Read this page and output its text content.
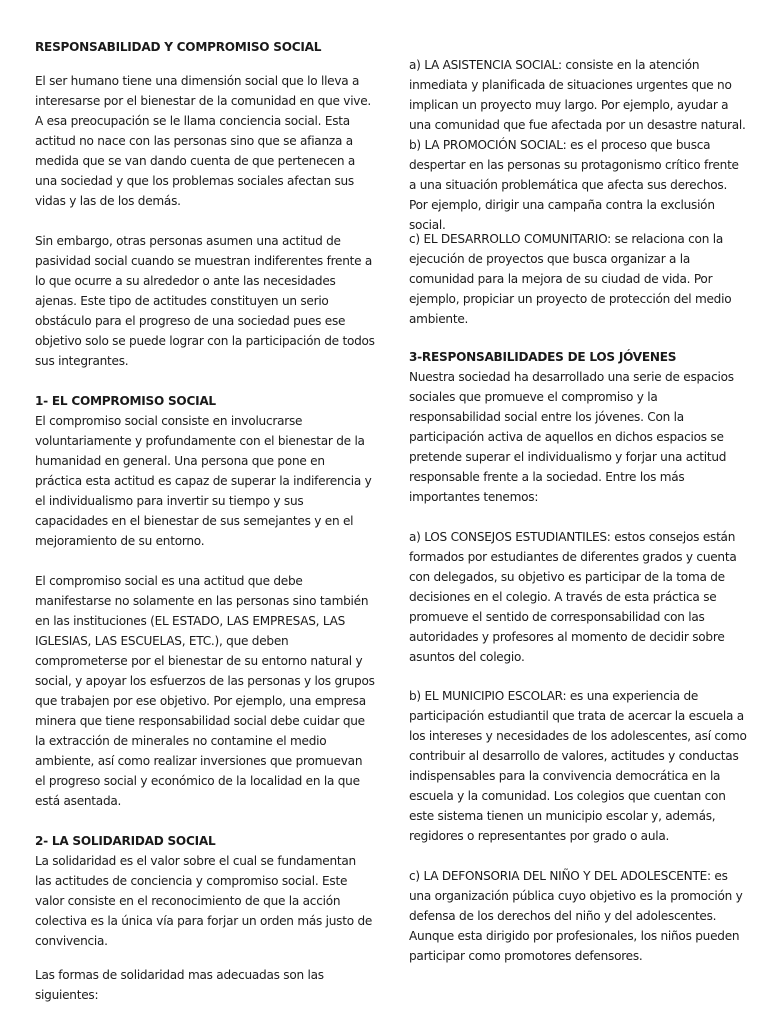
RESPONSABILIDAD Y COMPROMISO SOCIAL

El ser humano tiene una dimensión social que lo lleva a interesarse por el bienestar de la comunidad en que vive. A esa preocupación se le llama conciencia social. Esta actitud no nace con las personas sino que se afianza a medida que se van dando cuenta de que pertenecen a una sociedad y que los problemas sociales afectan sus vidas y las de los demás.

Sin embargo, otras personas asumen una actitud de pasividad social cuando se muestran indiferentes frente a lo que ocurre a su alrededor o ante las necesidades ajenas. Este tipo de actitudes constituyen un serio obstáculo para el progreso de una sociedad pues ese objetivo solo se puede lograr con la participación de todos sus integrantes.

1- EL COMPROMISO SOCIAL

El compromiso social consiste en involucrarse voluntariamente y profundamente con el bienestar de la humanidad en general. Una persona que pone en práctica esta actitud es capaz de superar la indiferencia y el individualismo para invertir su tiempo y sus capacidades en el bienestar de sus semejantes y en el mejoramiento de su entorno.

El compromiso social es una actitud que debe manifestarse no solamente en las personas sino también en las instituciones (EL ESTADO, LAS EMPRESAS, LAS IGLESIAS, LAS ESCUELAS, ETC.), que deben comprometerse por el bienestar de su entorno natural y social, y apoyar los esfuerzos de las personas y los grupos que trabajen por ese objetivo. Por ejemplo, una empresa minera que tiene responsabilidad social debe cuidar que la extracción de minerales no contamine el medio ambiente, así como realizar inversiones que promuevan el progreso social y económico de la localidad en la que está asentada.

2- LA SOLIDARIDAD SOCIAL

La solidaridad es el valor sobre el cual se fundamentan las actitudes de conciencia y compromiso social. Este valor consiste en el reconocimiento de que la acción colectiva es la única vía para forjar un orden más justo de convivencia.

Las formas de solidaridad mas adecuadas son las siguientes:

a) LA ASISTENCIA SOCIAL: consiste en la atención inmediata y planificada de situaciones urgentes que no implican un proyecto muy largo. Por ejemplo, ayudar a una comunidad que fue afectada por un desastre natural.

b) LA PROMOCIÓN SOCIAL: es el proceso que busca despertar en las personas su protagonismo crítico frente a una situación problemática que afecta sus derechos. Por ejemplo, dirigir una campaña contra la exclusión social.

c) EL DESARROLLO COMUNITARIO: se relaciona con la ejecución de proyectos que busca organizar a la comunidad para la mejora de su ciudad de vida. Por ejemplo, propiciar un proyecto de protección del medio ambiente.

3-RESPONSABILIDADES DE LOS JÓVENES

Nuestra sociedad ha desarrollado una serie de espacios sociales que promueve el compromiso y la responsabilidad social entre los jóvenes. Con la participación activa de aquellos en dichos espacios se pretende superar el individualismo y forjar una actitud responsable frente a la sociedad. Entre los más importantes tenemos:

a) LOS CONSEJOS ESTUDIANTILES: estos consejos están formados por estudiantes de diferentes grados y cuenta con delegados, su objetivo es participar de la toma de decisiones en el colegio. A través de esta práctica se promueve el sentido de corresponsabilidad con las autoridades y profesores al momento de decidir sobre asuntos del colegio.

b) EL MUNICIPIO ESCOLAR: es una experiencia de participación estudiantil que trata de acercar la escuela a los intereses y necesidades de los adolescentes, así como contribuir al desarrollo de valores, actitudes y conductas indispensables para la convivencia democrática en la escuela y la comunidad. Los colegios que cuentan con este sistema tienen un municipio escolar y, además, regidores o representantes por grado o aula.

c) LA DEFONSORIA DEL NIÑO Y DEL ADOLESCENTE: es una organización pública cuyo objetivo es la promoción y defensa de los derechos del niño y del adolescentes. Aunque esta dirigido por profesionales, los niños pueden participar como promotores defensores.
